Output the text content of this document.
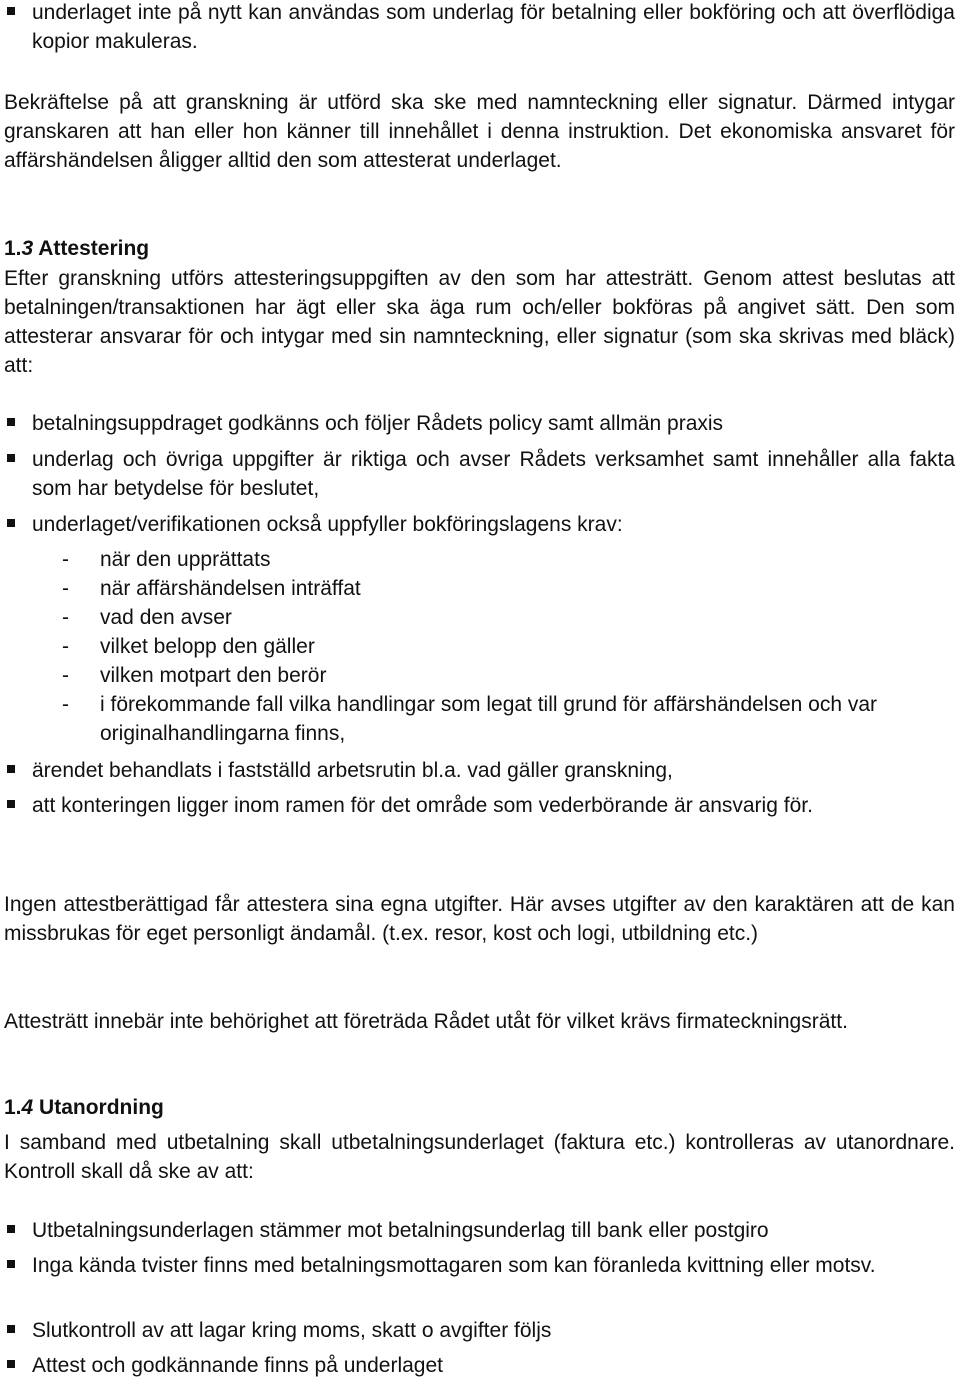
underlaget inte på nytt kan användas som underlag för betalning eller bokföring och att överflödiga kopior makuleras.
Bekräftelse på att granskning är utförd ska ske med namnteckning eller signatur. Därmed intygar granskaren att han eller hon känner till innehållet i denna instruktion. Det ekonomiska ansvaret för affärshändelsen åligger alltid den som attesterat underlaget.
1.3 Attestering
Efter granskning utförs attesteringsuppgiften av den som har attesträtt. Genom attest beslutas att betalningen/transaktionen har ägt eller ska äga rum och/eller bokföras på angivet sätt. Den som attesterar ansvarar för och intygar med sin namnteckning, eller signatur (som ska skrivas med bläck) att:
betalningsuppdraget godkänns och följer Rådets policy samt allmän praxis
underlag och övriga uppgifter är riktiga och avser Rådets verksamhet samt innehåller alla fakta som har betydelse för beslutet,
underlaget/verifikationen också uppfyller bokföringslagens krav:
- när den upprättats
- när affärshändelsen inträffat
- vad den avser
- vilket belopp den gäller
- vilken motpart den berör
- i förekommande fall vilka handlingar som legat till grund för affärshändelsen och var originalhandlingarna finns,
ärendet behandlats i fastställd arbetsrutin bl.a. vad gäller granskning,
att konteringen ligger inom ramen för det område som vederbörande är ansvarig för.
Ingen attestberättigad får attestera sina egna utgifter. Här avses utgifter av den karaktären att de kan missbrukas för eget personligt ändamål. (t.ex. resor, kost och logi, utbildning etc.)
Attesträtt innebär inte behörighet att företräda Rådet utåt för vilket krävs firmateckningsrätt.
1.4 Utanordning
I samband med utbetalning skall utbetalningsunderlaget (faktura etc.) kontrolleras av utanordnare. Kontroll skall då ske av att:
Utbetalningsunderlagen stämmer mot betalningsunderlag till bank eller postgiro
Inga kända tvister finns med betalningsmottagaren som kan föranleda kvittning eller motsv.
Slutkontroll av att lagar kring moms, skatt o avgifter följs
Attest och godkännande finns på underlaget
